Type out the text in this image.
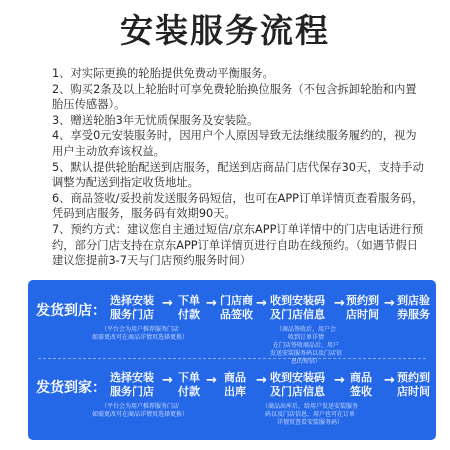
安装服务流程

1、对实际更换的轮胎提供免费动平衡服务。

2、购买2条及以上轮胎时可享免费轮胎换位服务（不包含拆卸轮胎和内置胎压传感器）。

3、赠送轮胎3年无忧质保服务及安装险。

4、享受0元安装服务时，因用户个人原因导致无法继续服务履约的，视为用户主动放弃该权益。

5、默认提供轮胎配送到店服务，配送到店商品门店代保存30天，支持手动调整为配送到指定收货地址。

6、商品签收/妥投前发送服务码短信，也可在APP订单详情页查看服务码，凭码到店服务，服务码有效期90天。

7、预约方式：建议您自主通过短信/京东APP订单详情中的门店电话进行预约，部分门店支持在京东APP订单详情页进行自助在线预约。（如遇节假日建议您提前3-7天与门店预约服务时间）

发货到店：
选择安装
服务门店
→ 下单
付款
→ 门店商
品签收
→ 收到安装码
及门店信息
→ 预约到
店时间
→ 到店验
券服务
（平台会为用户推荐服务门店
如需更改可在商品详情页选择更换）
（商品签收后，用户会
收到订单详情
在门店签收商品后，用户
发送安装服务码以及门店信
息的短信）
发货到家：
选择安装
服务门店
→ 下单
付款
→ 商品
出库
→ 收到安装码
及门店信息
→ 商品
签收
→ 预约到
店时间
（平台会为用户推荐服务门店
如需更改可在商品详情页选择更换）
（商品出库后，给用户发送安装服务
码以及门店信息，用户也可在订单
详情页查看安装服务码）
